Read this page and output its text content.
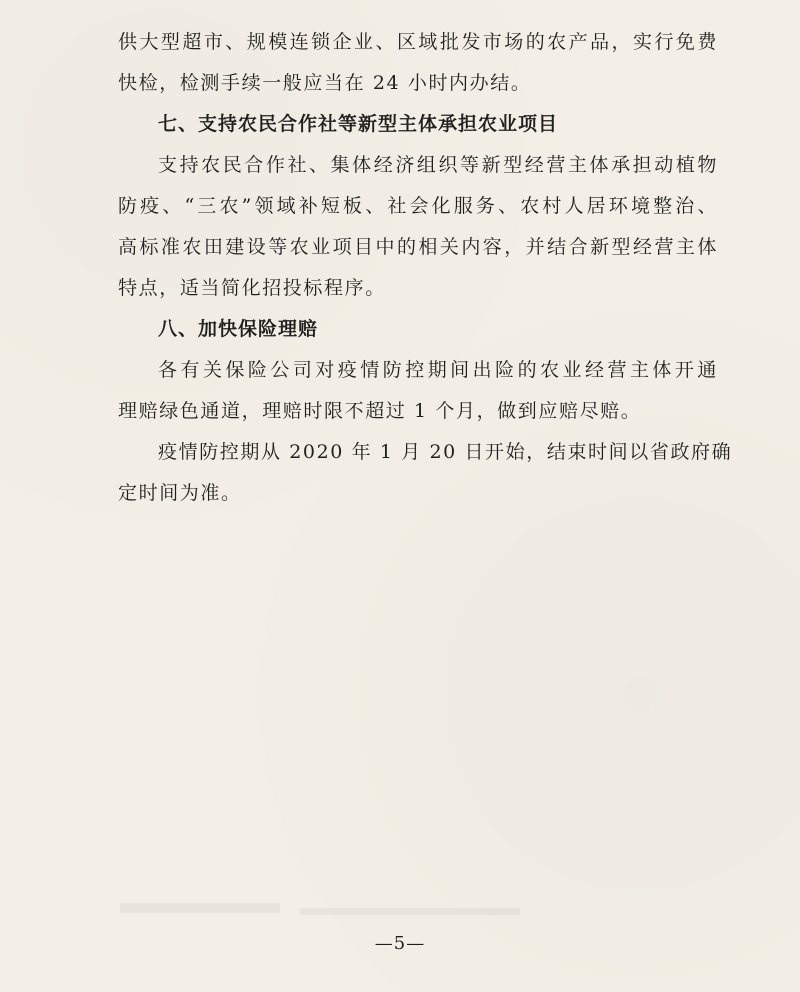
供大型超市、规模连锁企业、区域批发市场的农产品，实行免费
快检，检测手续一般应当在 24 小时内办结。
七、支持农民合作社等新型主体承担农业项目
支持农民合作社、集体经济组织等新型经营主体承担动植物
防疫、“三农”领域补短板、社会化服务、农村人居环境整治、
高标准农田建设等农业项目中的相关内容，并结合新型经营主体
特点，适当简化招投标程序。
八、加快保险理赔
各有关保险公司对疫情防控期间出险的农业经营主体开通
理赔绿色通道，理赔时限不超过 1 个月，做到应赔尽赔。
疫情防控期从 2020 年 1 月 20 日开始，结束时间以省政府确
定时间为准。
—5—
